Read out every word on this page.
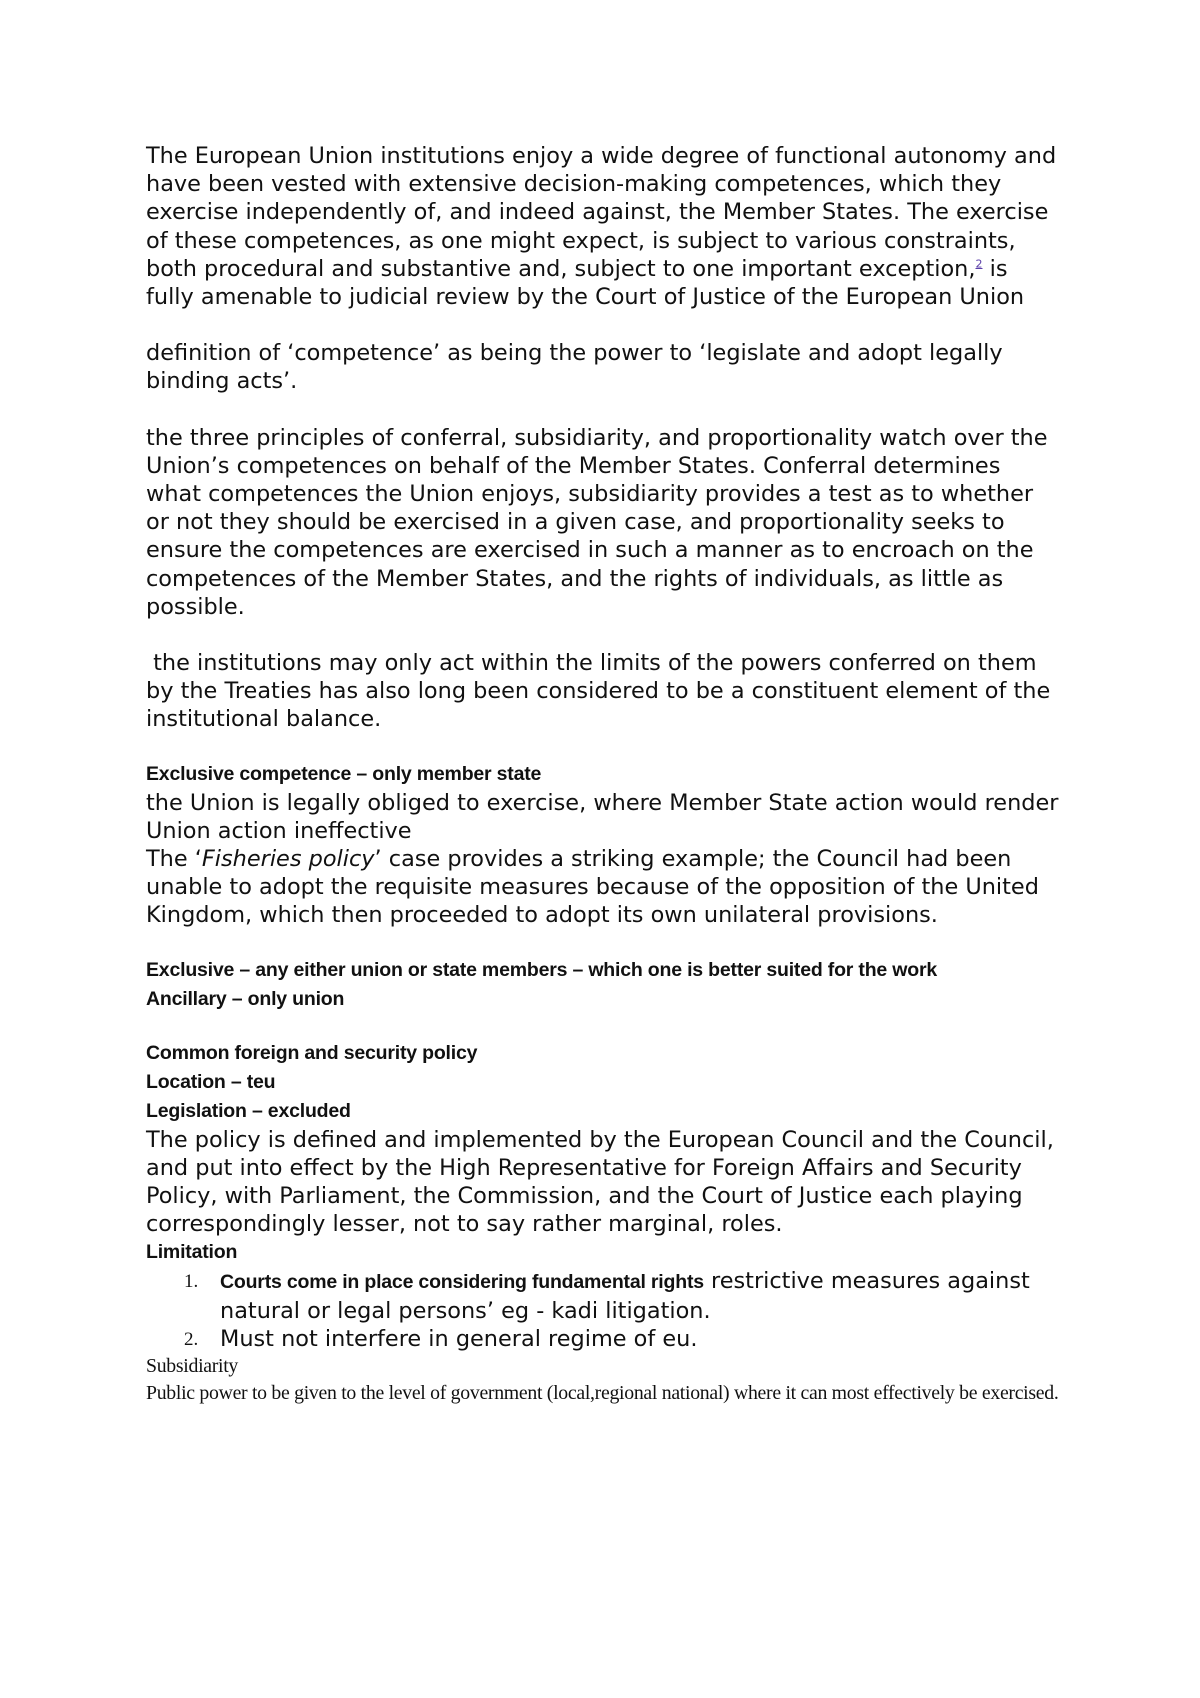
The European Union institutions enjoy a wide degree of functional autonomy and have been vested with extensive decision-making competences, which they exercise independently of, and indeed against, the Member States. The exercise of these competences, as one might expect, is subject to various constraints, both procedural and substantive and, subject to one important exception,$^2$ is fully amenable to judicial review by the Court of Justice of the European Union

definition of ‘competence’ as being the power to ‘legislate and adopt legally binding acts’.

the three principles of conferral, subsidiarity, and proportionality watch over the Union’s competences on behalf of the Member States. Conferral determines what competences the Union enjoys, subsidiarity provides a test as to whether or not they should be exercised in a given case, and proportionality seeks to ensure the competences are exercised in such a manner as to encroach on the competences of the Member States, and the rights of individuals, as little as possible.

the institutions may only act within the limits of the powers conferred on them by the Treaties has also long been considered to be a constituent element of the institutional balance.

Exclusive competence – only member state

the Union is legally obliged to exercise, where Member State action would render Union action ineffective

The ‘Fisheries policy’ case provides a striking example; the Council had been unable to adopt the requisite measures because of the opposition of the United Kingdom, which then proceeded to adopt its own unilateral provisions.

Exclusive – any either union or state members – which one is better suited for the work

Ancillary – only union

Common foreign and security policy

Location – teu

Legislation – excluded

The policy is defined and implemented by the European Council and the Council, and put into effect by the High Representative for Foreign Affairs and Security Policy, with Parliament, the Commission, and the Court of Justice each playing correspondingly lesser, not to say rather marginal, roles.

Limitation

1. Courts come in place considering fundamental rights restrictive measures against natural or legal persons’ eg - kadi litigation.
2. Must not interfere in general regime of eu.

Subsidiarity

Public power to be given to the level of government (local,regional national) where it can most effectively be exercised.
